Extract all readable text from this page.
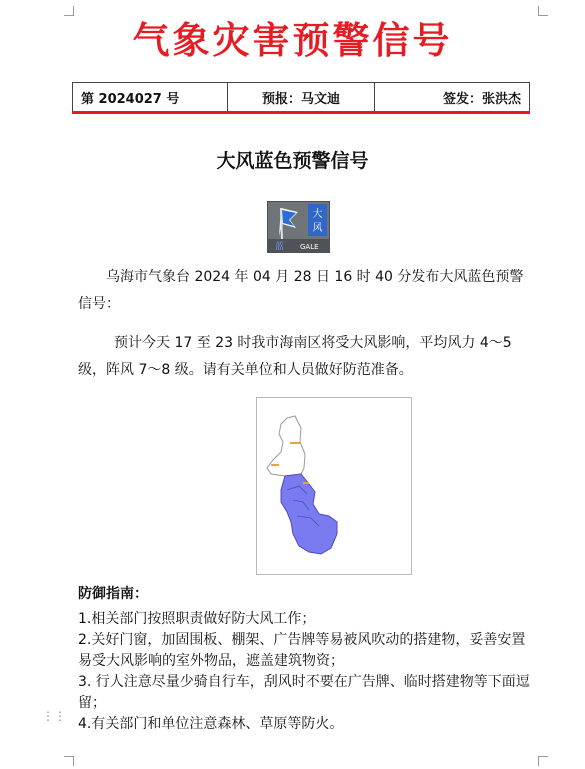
气象灾害预警信号
第 2024027 号	预报：马文迪	签发：张洪杰
大风蓝色预警信号
大
风
蓝 GALE

乌海市气象台 2024 年 04 月 28 日 16 时 40 分发布大风蓝色预警信号：

预计今天 17 至 23 时我市海南区将受大风影响，平均风力 4～5 级，阵风 7～8 级。请有关单位和人员做好防范准备。

防御指南：
1.相关部门按照职责做好防大风工作；
2.关好门窗，加固围板、棚架、广告牌等易被风吹动的搭建物，妥善安置易受大风影响的室外物品，遮盖建筑物资；
3. 行人注意尽量少骑自行车，刮风时不要在广告牌、临时搭建物等下面逗留；
4.有关部门和单位注意森林、草原等防火。
⋮⋮
